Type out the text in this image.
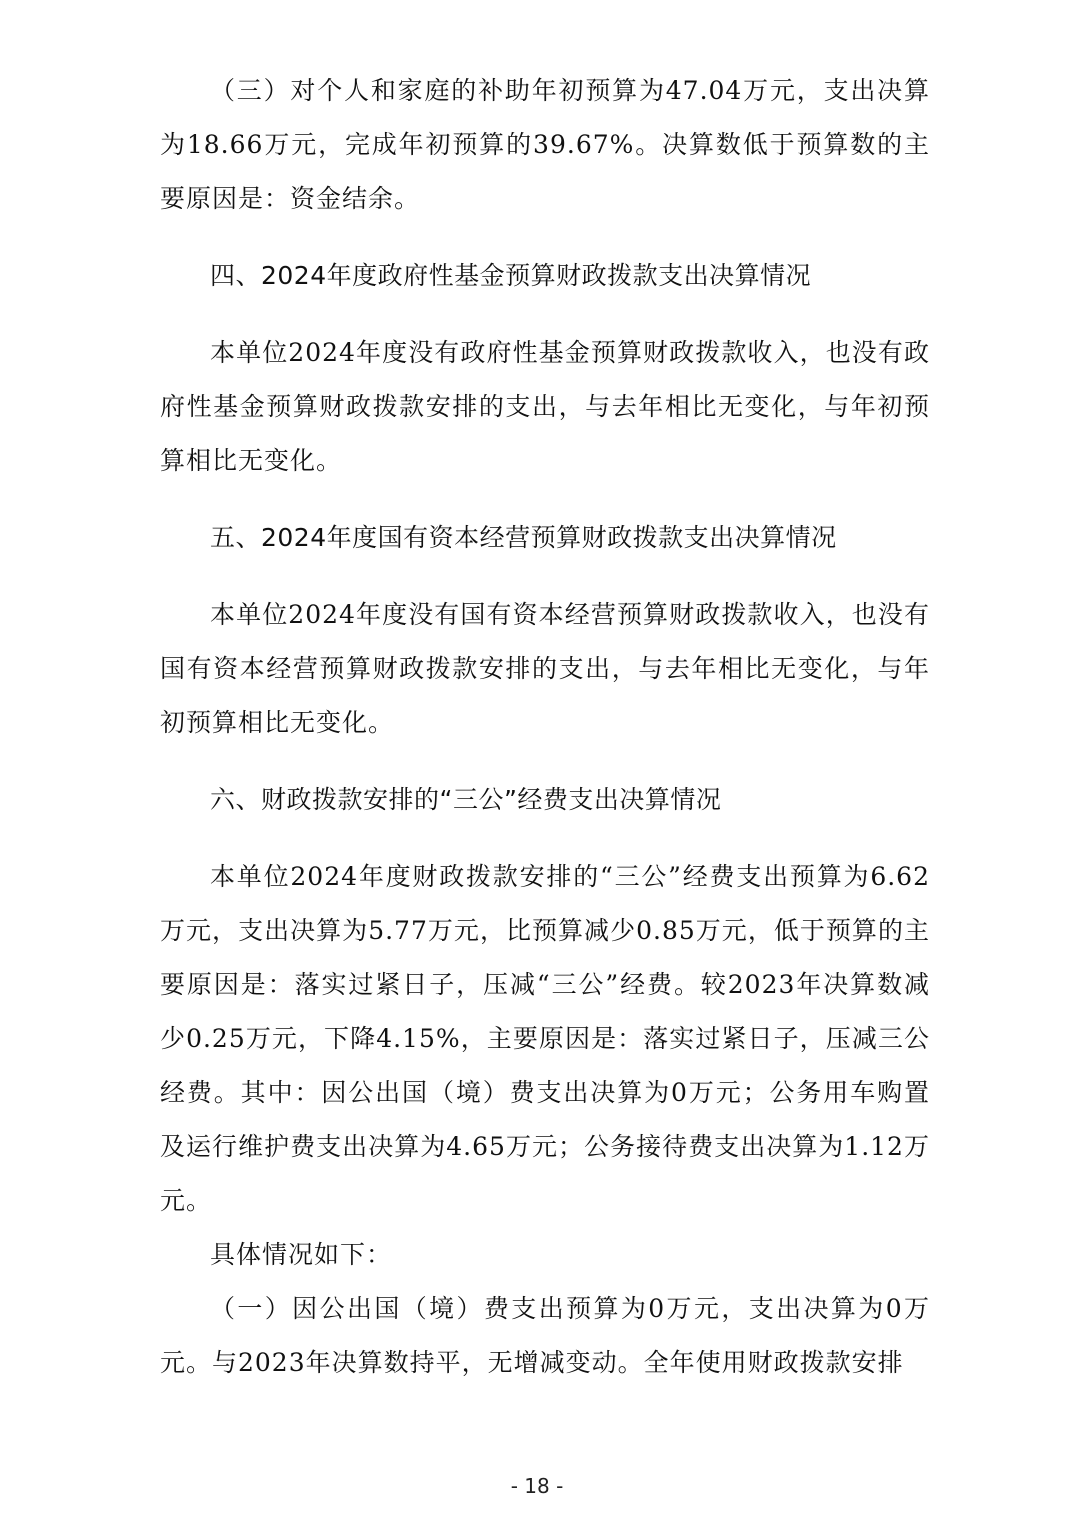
（三）对个人和家庭的补助年初预算为47.04万元，支出决算为18.66万元，完成年初预算的39.67%。决算数低于预算数的主要原因是：资金结余。

四、2024年度政府性基金预算财政拨款支出决算情况

本单位2024年度没有政府性基金预算财政拨款收入，也没有政府性基金预算财政拨款安排的支出，与去年相比无变化，与年初预算相比无变化。

五、2024年度国有资本经营预算财政拨款支出决算情况

本单位2024年度没有国有资本经营预算财政拨款收入，也没有国有资本经营预算财政拨款安排的支出，与去年相比无变化，与年初预算相比无变化。

六、财政拨款安排的“三公”经费支出决算情况

本单位2024年度财政拨款安排的“三公”经费支出预算为6.62万元，支出决算为5.77万元，比预算减少0.85万元，低于预算的主要原因是：落实过紧日子，压减“三公”经费。较2023年决算数减少0.25万元，下降4.15%，主要原因是：落实过紧日子，压减三公经费。其中：因公出国（境）费支出决算为0万元；公务用车购置及运行维护费支出决算为4.65万元；公务接待费支出决算为1.12万元。

具体情况如下：

（一）因公出国（境）费支出预算为0万元，支出决算为0万元。与2023年决算数持平，无增减变动。全年使用财政拨款安排

- 18 -
